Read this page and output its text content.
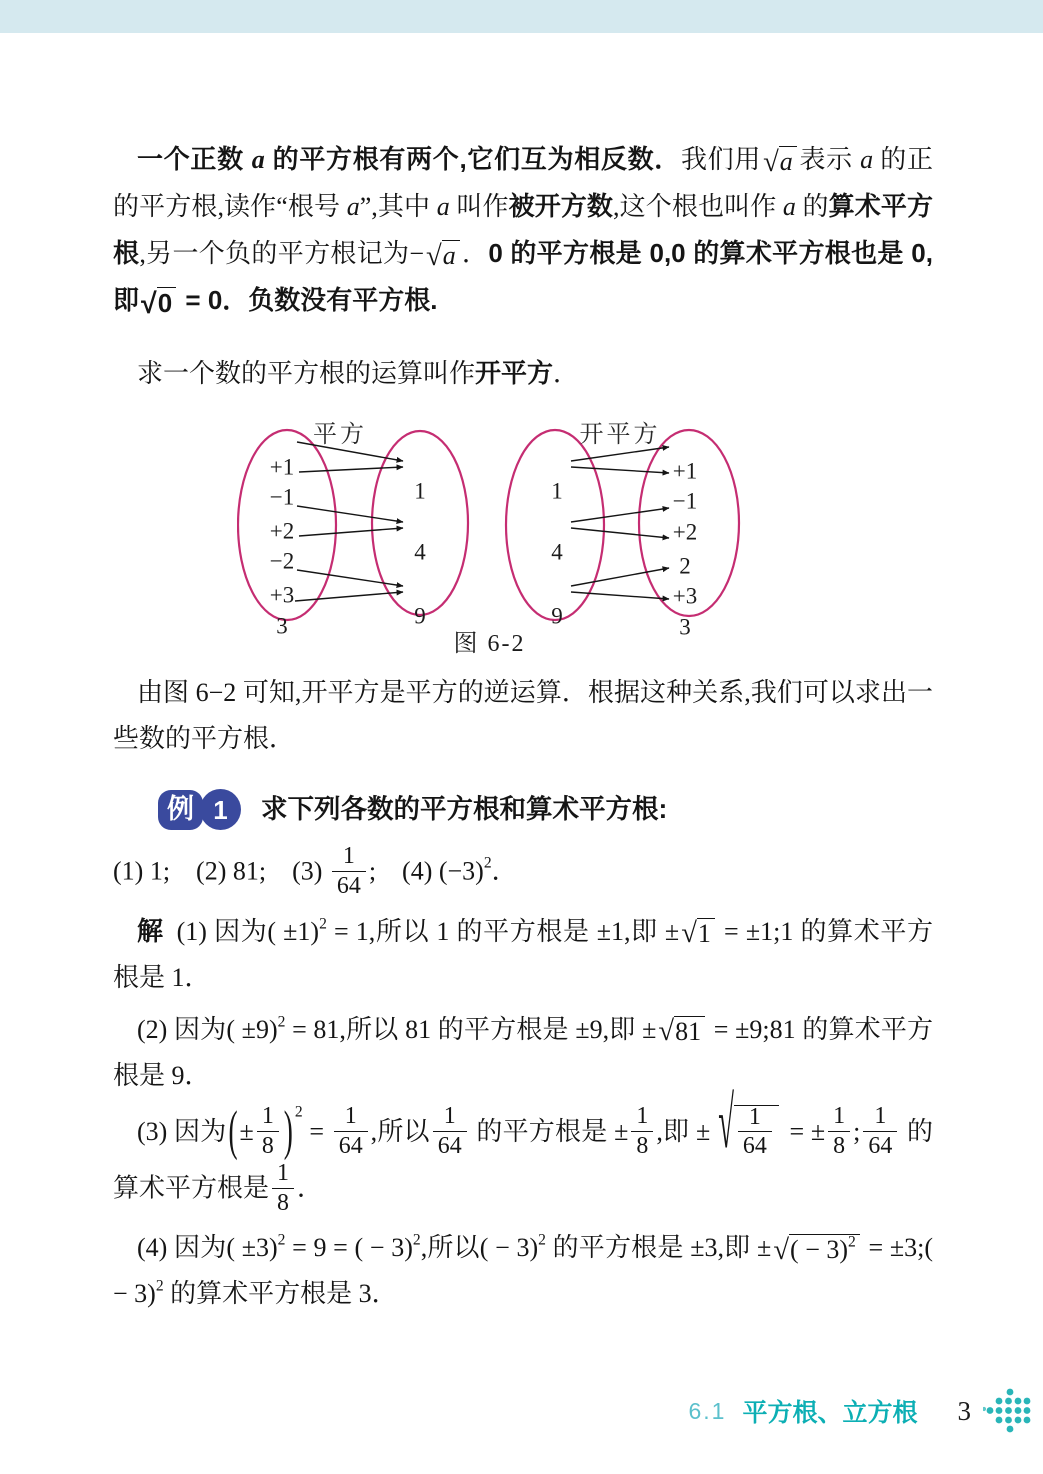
一个正数 a 的平方根有两个,它们互为相反数．我们用 √ a 表示 a 的正的平方根,读作“根号 a”,其中 a 叫作被开方数,这个根也叫作 a 的算术平方根,另一个负的平方根记为− √ a ．0 的平方根是 0,0 的算术平方根也是 0,即 √ 0 = 0．负数没有平方根.

求一个数的平方根的运算叫作开平方．

平方	开平方
+1
−1
+2
−2
+3
3
1
4
9
1
4
9
+1
−1
+2
2
+3
3
图 6-2

由图 6−2 可知,开平方是平方的逆运算．根据这种关系,我们可以求出一些数的平方根．

例 1	求下列各数的平方根和算术平方根:

(1) 1; (2) 81; $(3) \frac{1}{64}$ ; (4) $(-3)^2$．

解 (1) 因为( ±1)$^2$ = 1,所以 1 的平方根是 ±1,即 ± √ 1 = ±1;1 的算术平方根是 1．

(2) 因为( ±9)$^2$ = 81,所以 81 的平方根是 ±9,即 ± √ 81 = ±9;81 的算术平方根是 9．

(3) 因为(± $\frac{1}{8}$ ) $^2 = \frac{1}{64}$ ,所以 $\frac{1}{64}$ 的平方根是 ± $\frac{1}{8}$ ,即 ± √ $\frac{1}{64}$ = ± $\frac{1}{8}$ ; $\frac{1}{64}$ 的算术平方根是 $\frac{1}{8}$ ．

(4) 因为( ±3)$^2$ = 9 = ( − 3)$^2$,所以( − 3)$^2$ 的平方根是 ±3,即 ± √ ( − 3)$^2$ = ±3;( − 3)$^2$ 的算术平方根是 3．

6.1 平方根、立方根 3
